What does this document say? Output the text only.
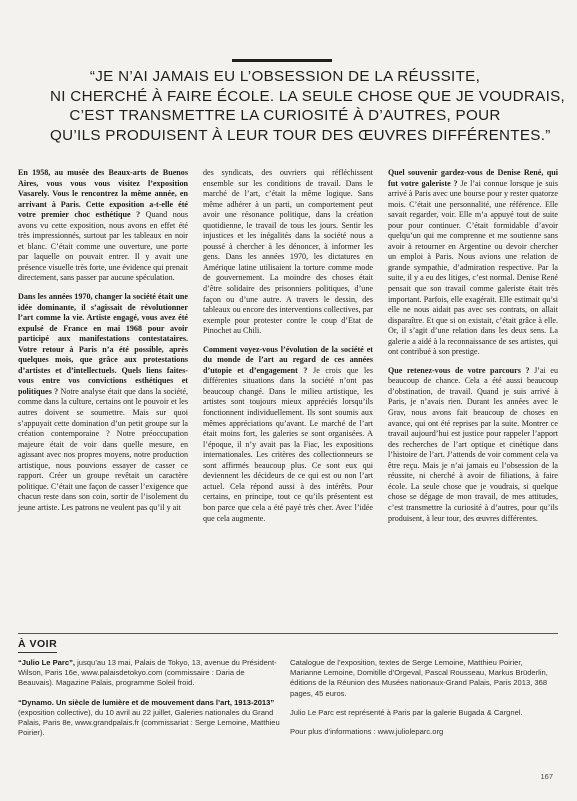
“JE N’AI JAMAIS EU L’OBSESSION DE LA RÉUSSITE,
NI CHERCHÉ À FAIRE ÉCOLE. LA SEULE CHOSE QUE JE VOUDRAIS,
C’EST TRANSMETTRE LA CURIOSITÉ À D’AUTRES, POUR
QU’ILS PRODUISENT À LEUR TOUR DES ŒUVRES DIFFÉRENTES.”

En 1958, au musée des Beaux-arts de Buenos Aires, vous vous vous visitez l’exposition Vasarely. Vous le rencontrez la même année, en arrivant à Paris. Cette exposition a-t-elle été votre premier choc esthétique ? Quand nous avons vu cette exposition, nous avons en effet été très impressionnés, surtout par les tableaux en noir et blanc. C’était comme une ouverture, une porte par laquelle on pouvait entrer. Il y avait une présence visuelle très forte, une évidence qui prenait directement, sans passer par aucune spéculation.

Dans les années 1970, changer la société était une idée dominante, il s’agissait de révolutionner l’art comme la vie. Artiste engagé, vous avez été expulsé de France en mai 1968 pour avoir participé aux manifestations contestataires. Votre retour à Paris n’a été possible, après quelques mois, que grâce aux protestations d’artistes et d’intellectuels. Quels liens faites-vous entre vos convictions esthétiques et politiques ? Notre analyse était que dans la société, comme dans la culture, certains ont le pouvoir et les autres doivent se soumettre. Mais sur quoi s’appuyait cette domination d’un petit groupe sur la création contemporaine ? Notre préoccupation majeure était de voir dans quelle mesure, en agissant avec nos propres moyens, notre production artistique, nous pouvions essayer de casser ce rapport. Créer un groupe revêtait un caractère politique. C’était une façon de casser l’exigence que chacun reste dans son coin, sortir de l’isolement du jeune artiste. Les patrons ne veulent pas qu’il y ait

des syndicats, des ouvriers qui réfléchissent ensemble sur les conditions de travail. Dans le marché de l’art, c’était la même logique. Sans même adhérer à un parti, un comportement peut avoir une résonance politique, dans la création quotidienne, le travail de tous les jours. Sentir les injustices et les inégalités dans la société nous a poussé à chercher à les dénoncer, à informer les gens. Dans les années 1970, les dictatures en Amérique latine utilisaient la torture comme mode de gouvernement. La moindre des choses était d’être solidaire des prisonniers politiques, d’une façon ou d’une autre. A travers le dessin, des tableaux ou encore des interventions collectives, par exemple pour protester contre le coup d’Etat de Pinochet au Chili.

Comment voyez-vous l’évolution de la société et du monde de l’art au regard de ces années d’utopie et d’engagement ? Je crois que les différentes situations dans la société n’ont pas beaucoup changé. Dans le milieu artistique, les artistes sont toujours mieux appréciés lorsqu’ils fonctionnent individuellement. Ils sont soumis aux mêmes appréciations qu’avant. Le marché de l’art était moins fort, les galeries se sont organisées. A l’époque, il n’y avait pas la Fiac, les expositions internationales. Les critères des collectionneurs se sont affirmés beaucoup plus. Ce sont eux qui deviennent les décideurs de ce qui est ou non l’art actuel. Cela répond aussi à des intérêts. Pour certains, en principe, tout ce qu’ils présentent est bon parce que cela a été payé très cher. Avec l’idée que cela augmente.

Quel souvenir gardez-vous de Denise René, qui fut votre galeriste ? Je l’ai connue lorsque je suis arrivé à Paris avec une bourse pour y rester quatorze mois. C’était une personnalité, une référence. Elle savait regarder, voir. Elle m’a appuyé tout de suite pour pour continuer. C’était formidable d’avoir quelqu’un qui me comprenne et me soutienne sans avoir à retourner en Argentine ou devoir chercher un emploi à Paris. Nous avions une relation de grande sympathie, d’admiration respective. Par la suite, il y a eu des litiges, c’est normal. Denise René pensait que son travail comme galeriste était très important. Parfois, elle exagérait. Elle estimait qu’si elle ne nous aidait pas avec ses contrats, on allait disparaître. Et que si on existait, c’était grâce à elle. Or, il s’agit d’une relation dans les deux sens. La galerie a aidé à la reconnaissance de ses artistes, qui ont contribué à son prestige.

Que retenez-vous de votre parcours ? J’ai eu beaucoup de chance. Cela a été aussi beaucoup d’obstination, de travail. Quand je suis arrivé à Paris, je n’avais rien. Durant les années avec le Grav, nous avons fait beaucoup de choses en avance, qui ont été reprises par la suite. Montrer ce travail aujourd’hui est justice pour rappeler l’apport des recherches de l’art optique et cinétique dans l’histoire de l’art. J’attends de voir comment cela va être reçu. Mais je n’ai jamais eu l’obsession de la réussite, ni cherché à avoir de filiations, à faire école. La seule chose que je voudrais, si quelque chose se dégage de mon travail, de mes attitudes, c’est transmettre la curiosité à d’autres, pour qu’ils produisent, à leur tour, des œuvres différentes.

À VOIR

“Julio Le Parc”, jusqu’au 13 mai, Palais de Tokyo, 13, avenue du Président-Wilson, Paris 16e, www.palaisdetokyo.com (commissaire : Daria de Beauvais). Magazine Palais, programme Soleil froid.

“Dynamo. Un siècle de lumière et de mouvement dans l’art, 1913-2013” (exposition collective), du 10 avril au 22 juillet, Galeries nationales du Grand Palais, Paris 8e, www.grandpalais.fr (commissariat : Serge Lemoine, Matthieu Poirier).

Catalogue de l’exposition, textes de Serge Lemoine, Matthieu Poirier, Marianne Lemoine, Domitille d’Orgeval, Pascal Rousseau, Markus Brüderlin, éditions de la Réunion des Musées nationaux-Grand Palais, Paris 2013, 368 pages, 45 euros.

Julio Le Parc est représenté à Paris par la galerie Bugada & Cargnel.

Pour plus d’informations : www.julioleparc.org

167
